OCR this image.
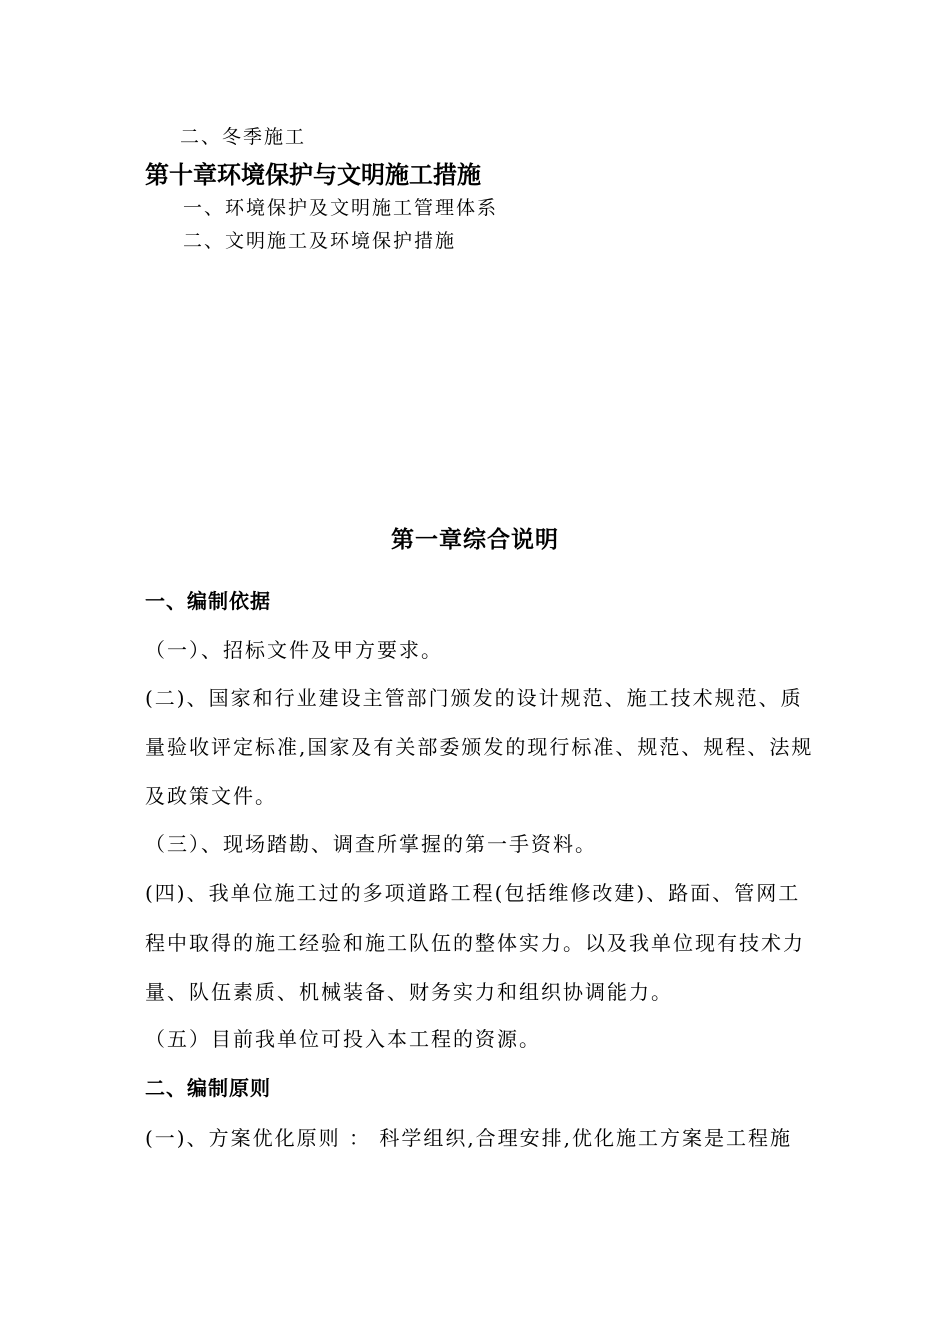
二、冬季施工
第十章环境保护与文明施工措施
一、环境保护及文明施工管理体系
二、文明施工及环境保护措施
第一章综合说明
一、编制依据
（一）、招标文件及甲方要求。
(二)、国家和行业建设主管部门颁发的设计规范、施工技术规范、质
量验收评定标准,国家及有关部委颁发的现行标准、规范、规程、法规
及政策文件。
（三）、现场踏勘、调查所掌握的第一手资料。
(四)、我单位施工过的多项道路工程(包括维修改建)、路面、管网工
程中取得的施工经验和施工队伍的整体实力。以及我单位现有技术力
量、队伍素质、机械装备、财务实力和组织协调能力。
（五）目前我单位可投入本工程的资源。
二、编制原则
(一)、方案优化原则 ： 科学组织,合理安排,优化施工方案是工程施
